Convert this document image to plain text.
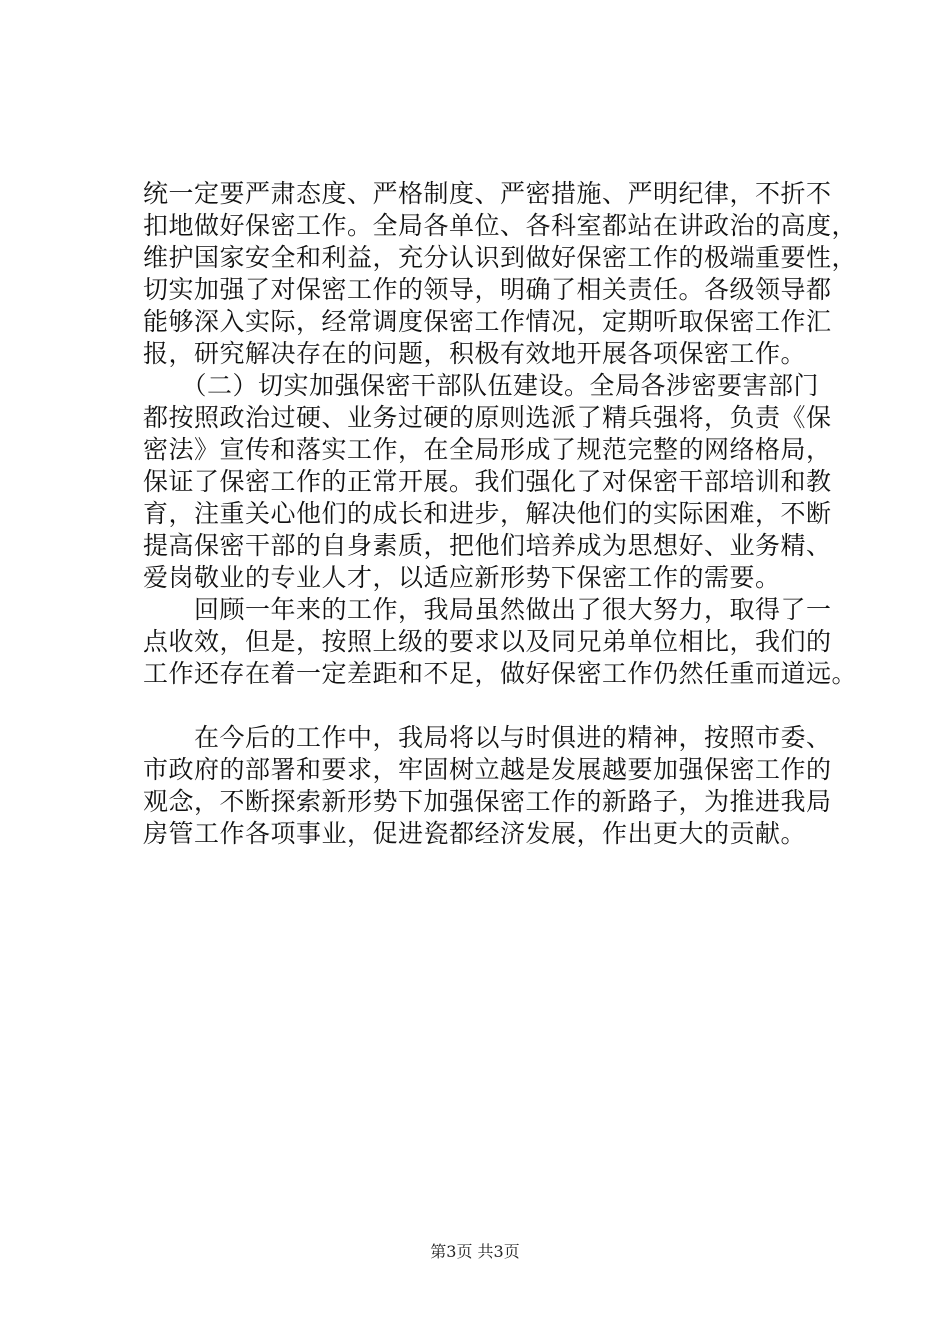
统一定要严肃态度、严格制度、严密措施、严明纪律，不折不
扣地做好保密工作。全局各单位、各科室都站在讲政治的高度，
维护国家安全和利益，充分认识到做好保密工作的极端重要性，
切实加强了对保密工作的领导，明确了相关责任。各级领导都
能够深入实际，经常调度保密工作情况，定期听取保密工作汇
报，研究解决存在的问题，积极有效地开展各项保密工作。
　　（二）切实加强保密干部队伍建设。全局各涉密要害部门
都按照政治过硬、业务过硬的原则选派了精兵强将，负责《保
密法》宣传和落实工作，在全局形成了规范完整的网络格局，
保证了保密工作的正常开展。我们强化了对保密干部培训和教
育，注重关心他们的成长和进步，解决他们的实际困难，不断
提高保密干部的自身素质，把他们培养成为思想好、业务精、
爱岗敬业的专业人才，以适应新形势下保密工作的需要。
　　回顾一年来的工作，我局虽然做出了很大努力，取得了一
点收效，但是，按照上级的要求以及同兄弟单位相比，我们的
工作还存在着一定差距和不足，做好保密工作仍然任重而道远。
　　在今后的工作中，我局将以与时俱进的精神，按照市委、
市政府的部署和要求，牢固树立越是发展越要加强保密工作的
观念，不断探索新形势下加强保密工作的新路子，为推进我局
房管工作各项事业，促进瓷都经济发展，作出更大的贡献。
第3页 共3页
